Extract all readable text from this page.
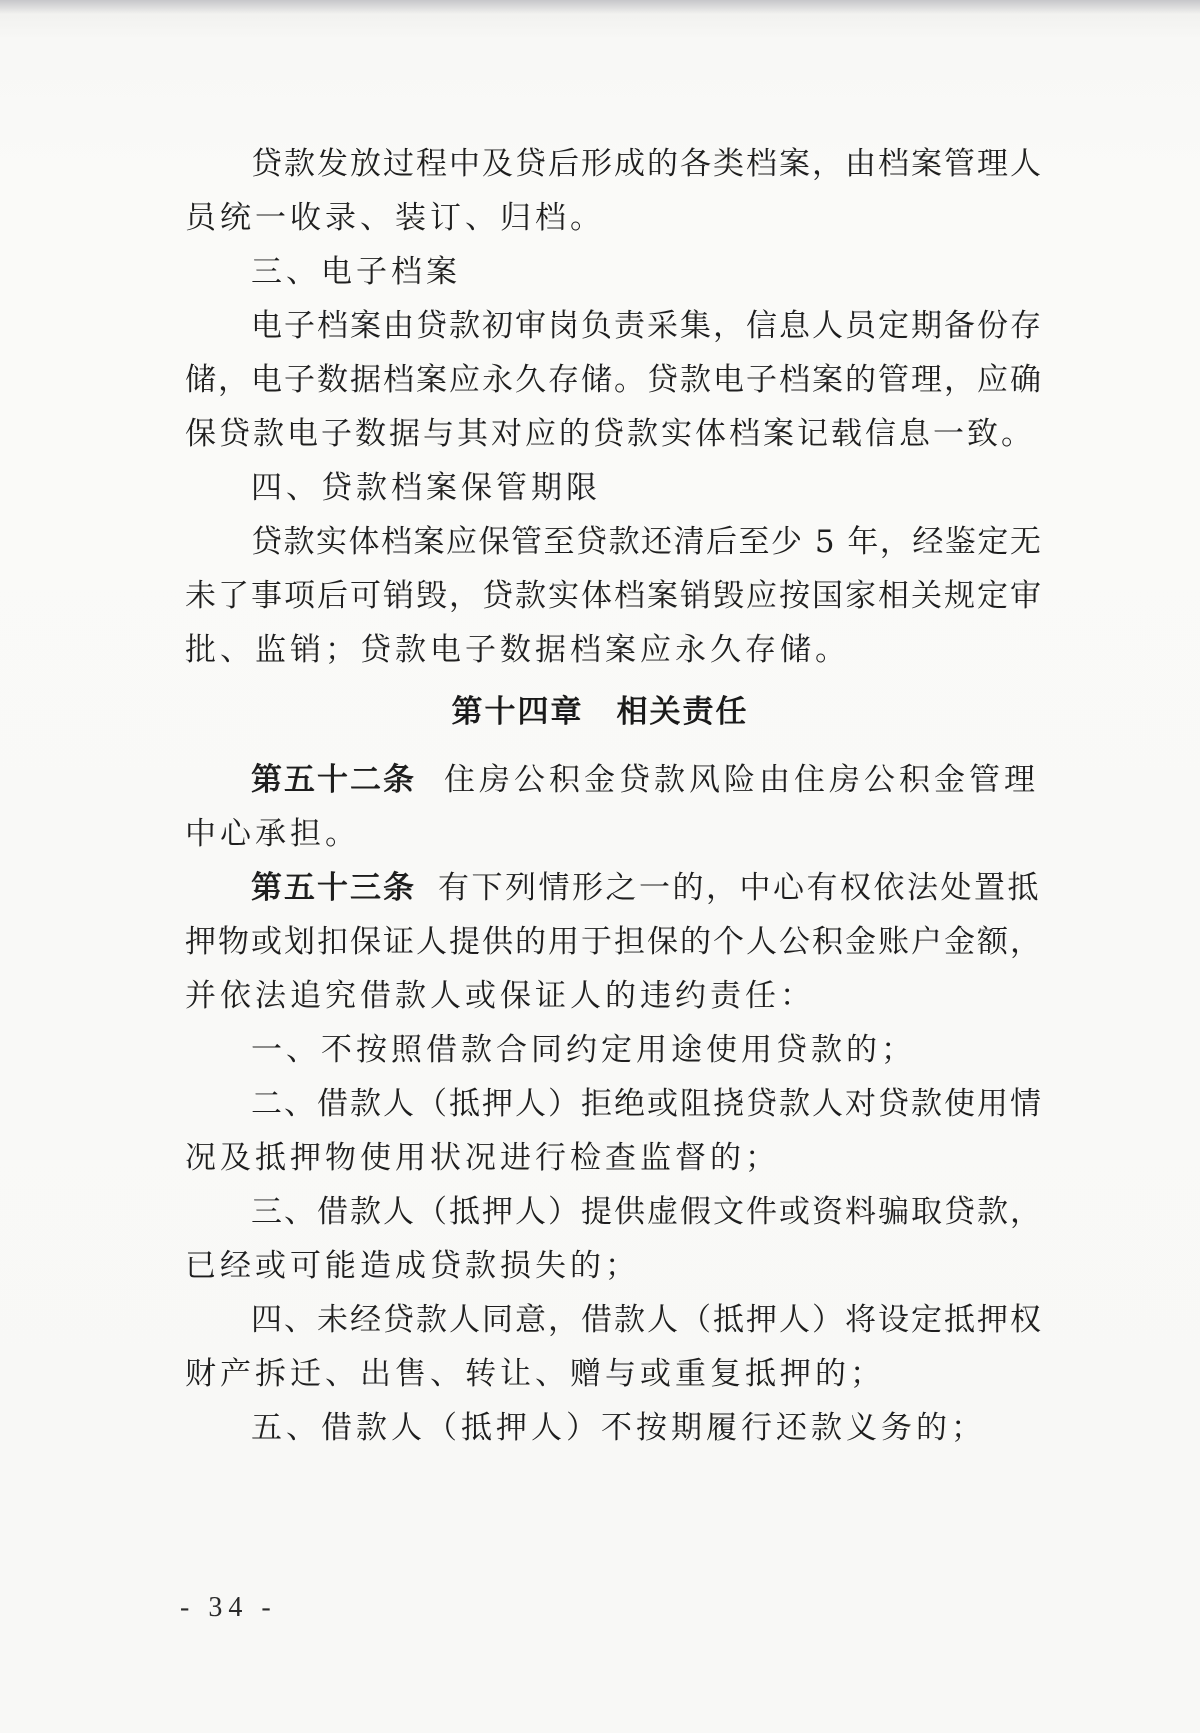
贷款发放过程中及贷后形成的各类档案，由档案管理人
员统一收录、装订、归档。
三、电子档案
电子档案由贷款初审岗负责采集，信息人员定期备份存
储，电子数据档案应永久存储。贷款电子档案的管理，应确
保贷款电子数据与其对应的贷款实体档案记载信息一致。
四、贷款档案保管期限
贷款实体档案应保管至贷款还清后至少 5 年，经鉴定无
未了事项后可销毁，贷款实体档案销毁应按国家相关规定审
批、监销；贷款电子数据档案应永久存储。
第十四章　相关责任
第五十二条 住房公积金贷款风险由住房公积金管理
中心承担。
第五十三条 有下列情形之一的，中心有权依法处置抵
押物或划扣保证人提供的用于担保的个人公积金账户金额，
并依法追究借款人或保证人的违约责任：
一、不按照借款合同约定用途使用贷款的；
二、借款人（抵押人）拒绝或阻挠贷款人对贷款使用情
况及抵押物使用状况进行检查监督的；
三、借款人（抵押人）提供虚假文件或资料骗取贷款，
已经或可能造成贷款损失的；
四、未经贷款人同意，借款人（抵押人）将设定抵押权
财产拆迁、出售、转让、赠与或重复抵押的；
五、借款人（抵押人）不按期履行还款义务的；
- 34 -
